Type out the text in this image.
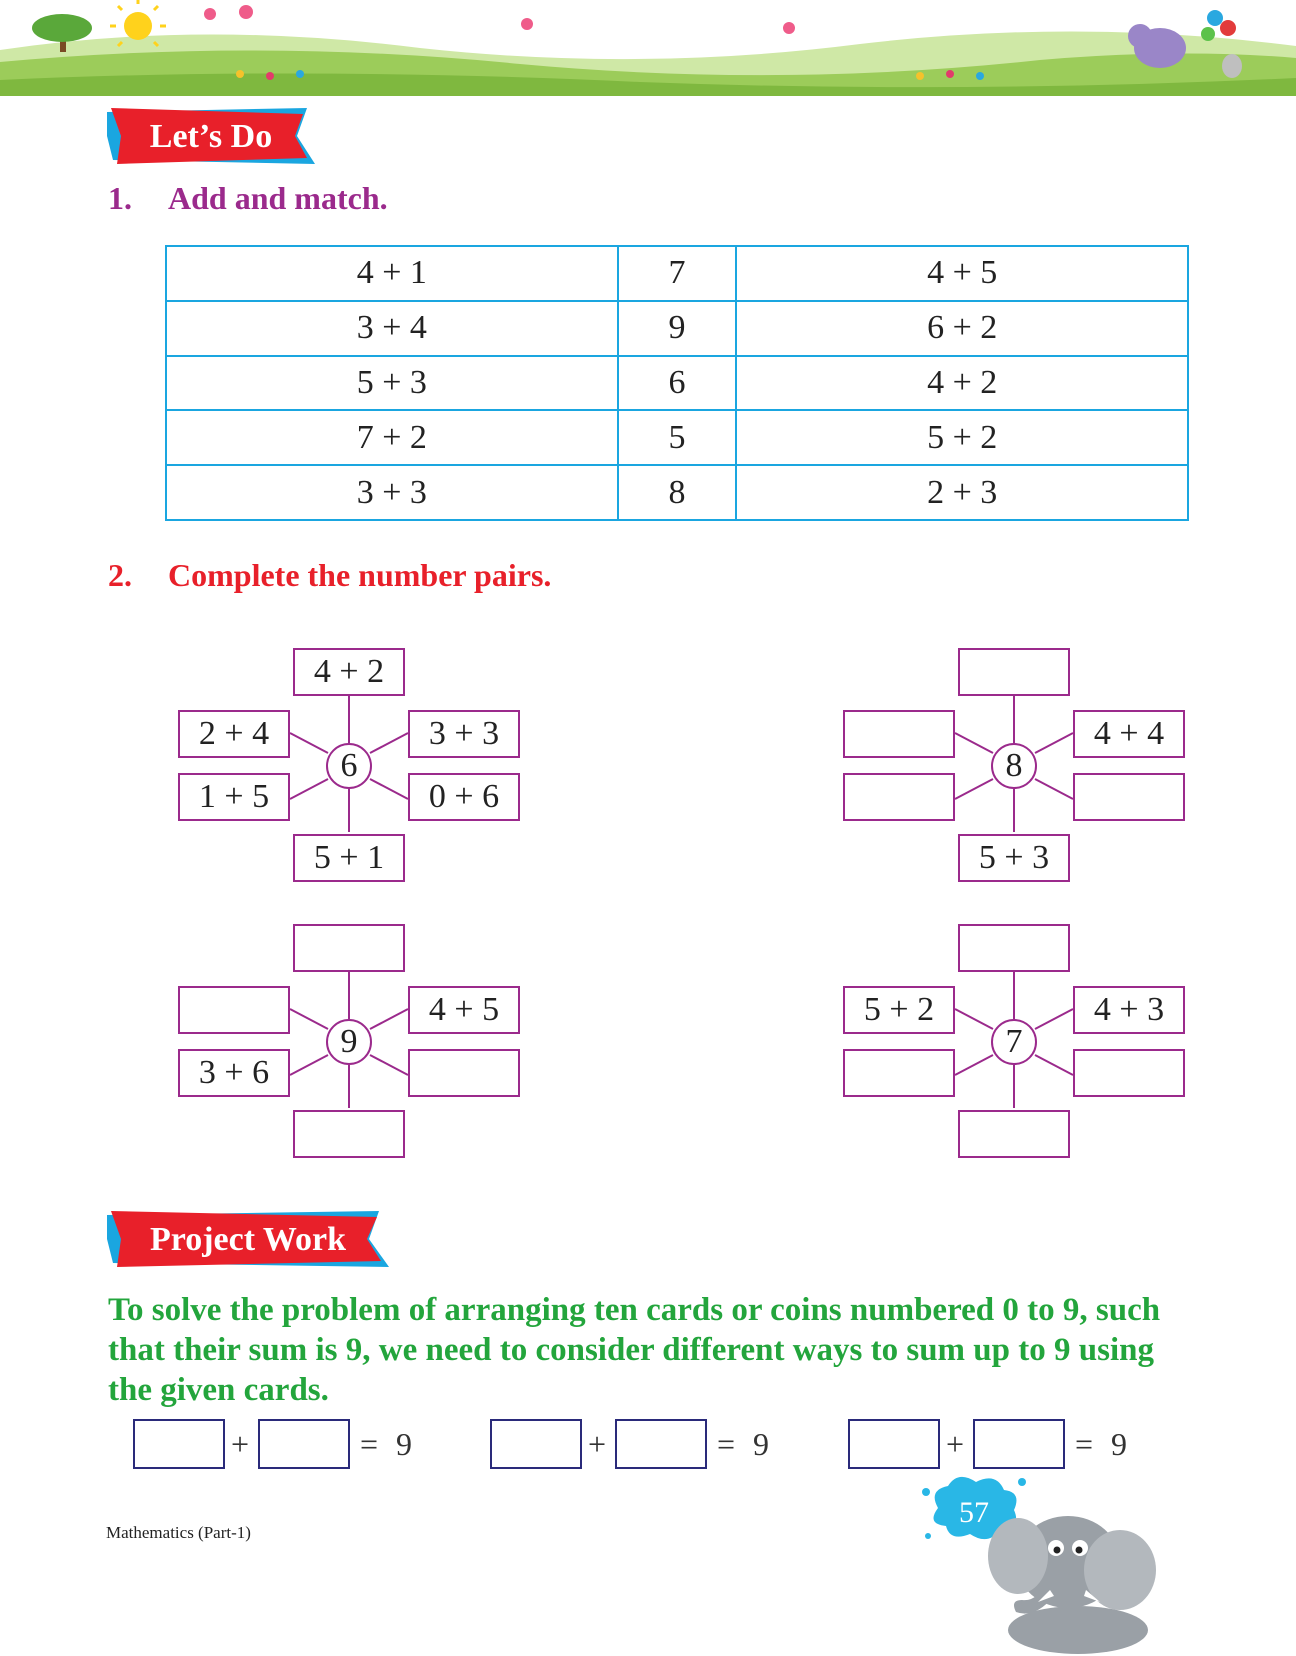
Let’s Do
1. Add and match.
4 + 1	7	4 + 5
3 + 4	9	6 + 2
5 + 3	6	4 + 2
7 + 2	5	5 + 2
3 + 3	8	2 + 3
2. Complete the number pairs.
4 + 2
2 + 4	3 + 3
6
1 + 5	0 + 6
5 + 1
4 + 4
8
5 + 3
4 + 5
9
3 + 6
5 + 2	4 + 3
7
Project Work
To solve the problem of arranging ten cards or coins numbered 0 to 9, such that their sum is 9, we need to consider different ways to sum up to 9 using the given cards.
+	= 9	+	= 9	+	= 9
Mathematics (Part-1)
57
